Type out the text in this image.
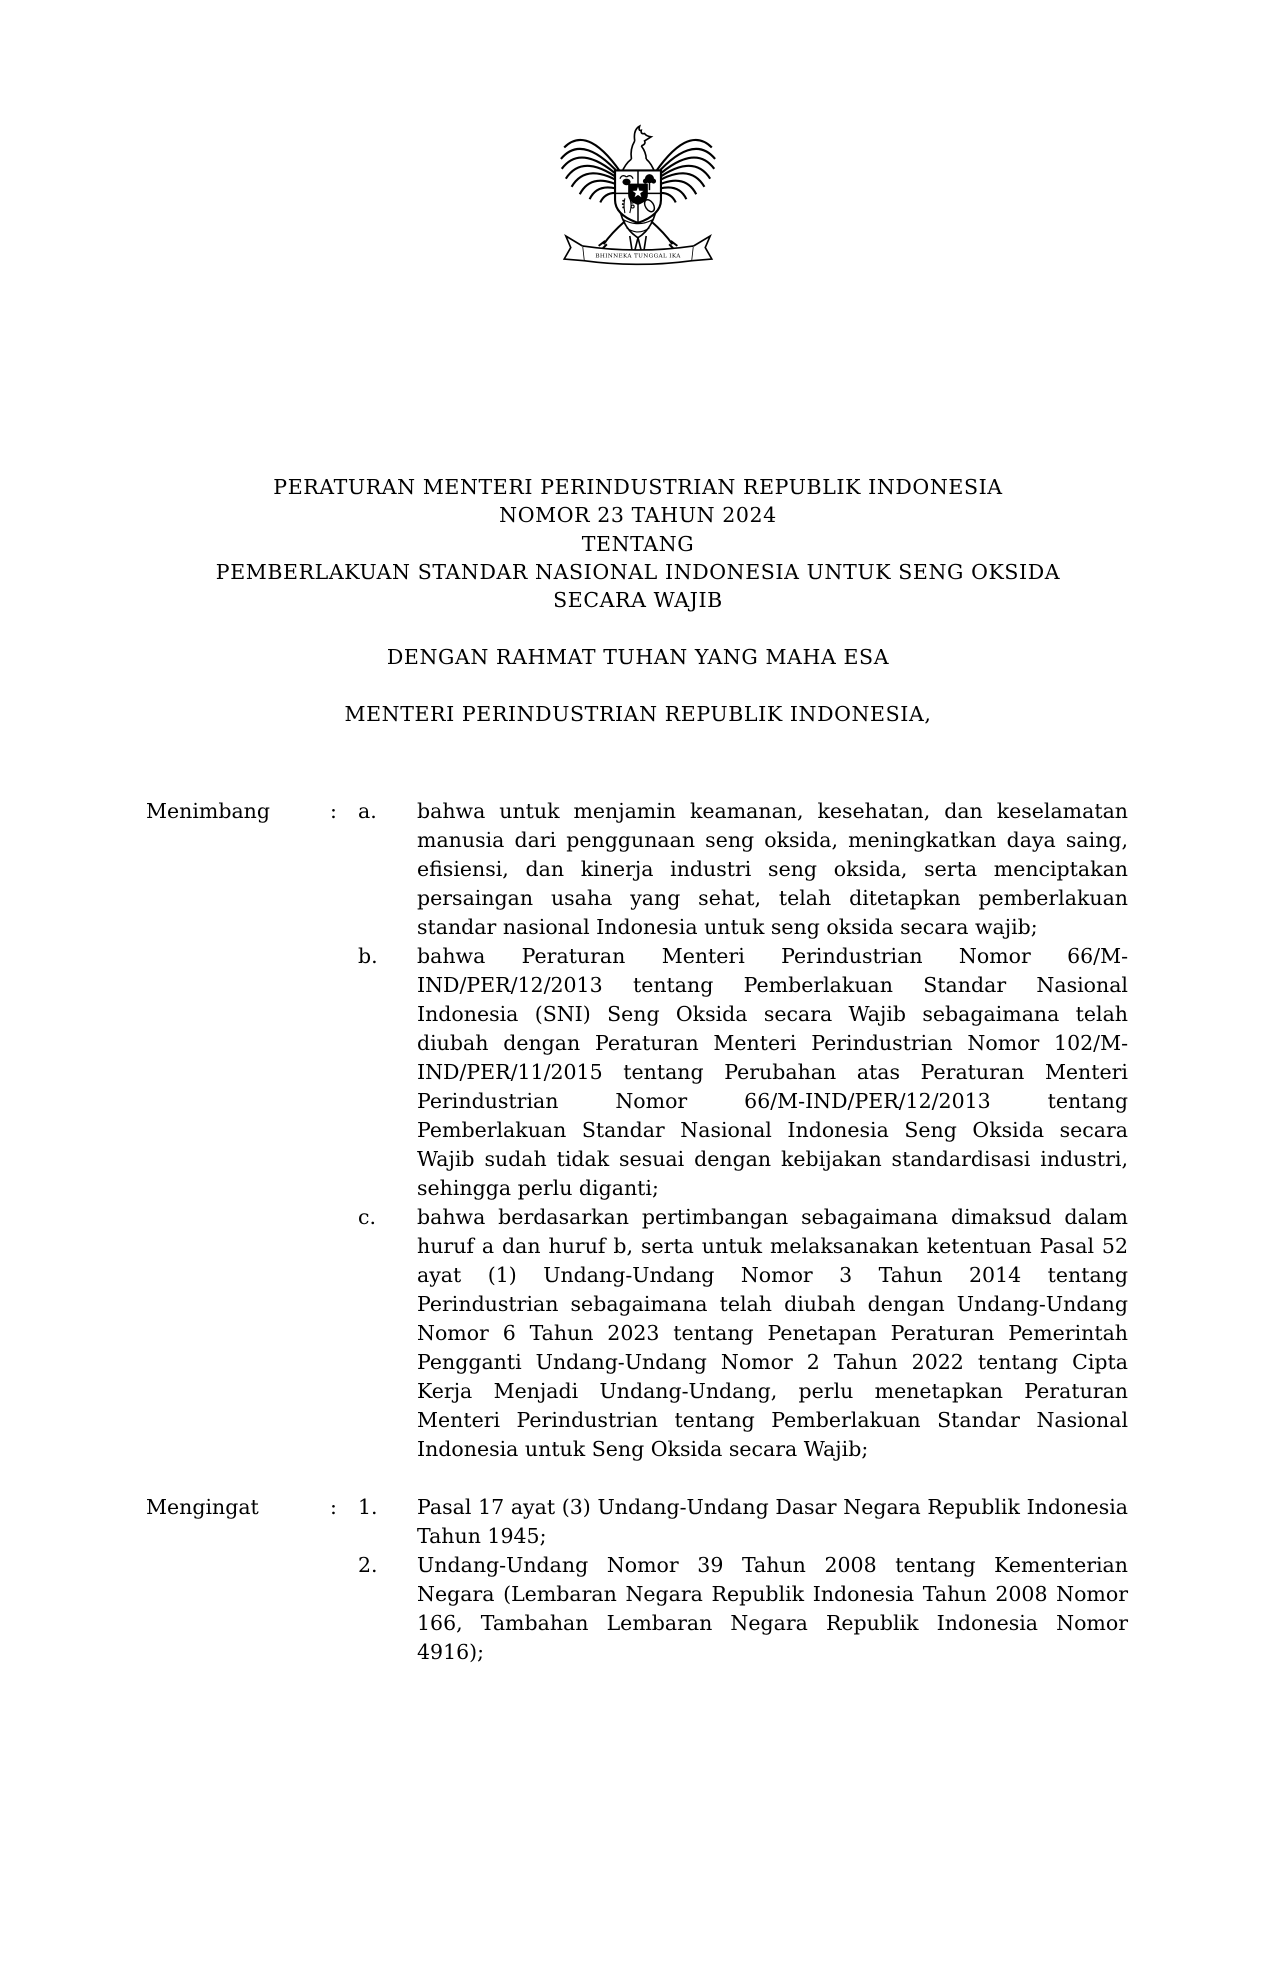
BHINNEKA TUNGGAL IKA
PERATURAN MENTERI PERINDUSTRIAN REPUBLIK INDONESIA
NOMOR 23 TAHUN 2024
TENTANG
PEMBERLAKUAN STANDAR NASIONAL INDONESIA UNTUK SENG OKSIDA
SECARA WAJIB
DENGAN RAHMAT TUHAN YANG MAHA ESA
MENTERI PERINDUSTRIAN REPUBLIK INDONESIA,
Menimbang	:	a.	bahwa untuk menjamin keamanan, kesehatan, dan keselamatan manusia dari penggunaan seng oksida, meningkatkan daya saing, efisiensi, dan kinerja industri seng oksida, serta menciptakan persaingan usaha yang sehat, telah ditetapkan pemberlakuan standar nasional Indonesia untuk seng oksida secara wajib;
b.	bahwa Peraturan Menteri Perindustrian Nomor 66/M-IND/PER/12/2013 tentang Pemberlakuan Standar Nasional Indonesia (SNI) Seng Oksida secara Wajib sebagaimana telah diubah dengan Peraturan Menteri Perindustrian Nomor 102/M-IND/PER/11/2015 tentang Perubahan atas Peraturan Menteri Perindustrian Nomor 66/M-IND/PER/12/2013 tentang Pemberlakuan Standar Nasional Indonesia Seng Oksida secara Wajib sudah tidak sesuai dengan kebijakan standardisasi industri, sehingga perlu diganti;
c.	bahwa berdasarkan pertimbangan sebagaimana dimaksud dalam huruf a dan huruf b, serta untuk melaksanakan ketentuan Pasal 52 ayat (1) Undang-Undang Nomor 3 Tahun 2014 tentang Perindustrian sebagaimana telah diubah dengan Undang-Undang Nomor 6 Tahun 2023 tentang Penetapan Peraturan Pemerintah Pengganti Undang-Undang Nomor 2 Tahun 2022 tentang Cipta Kerja Menjadi Undang-Undang, perlu menetapkan Peraturan Menteri Perindustrian tentang Pemberlakuan Standar Nasional Indonesia untuk Seng Oksida secara Wajib;
Mengingat	:	1.	Pasal 17 ayat (3) Undang-Undang Dasar Negara Republik Indonesia Tahun 1945;
2.	Undang-Undang Nomor 39 Tahun 2008 tentang Kementerian Negara (Lembaran Negara Republik Indonesia Tahun 2008 Nomor 166, Tambahan Lembaran Negara Republik Indonesia Nomor 4916);
